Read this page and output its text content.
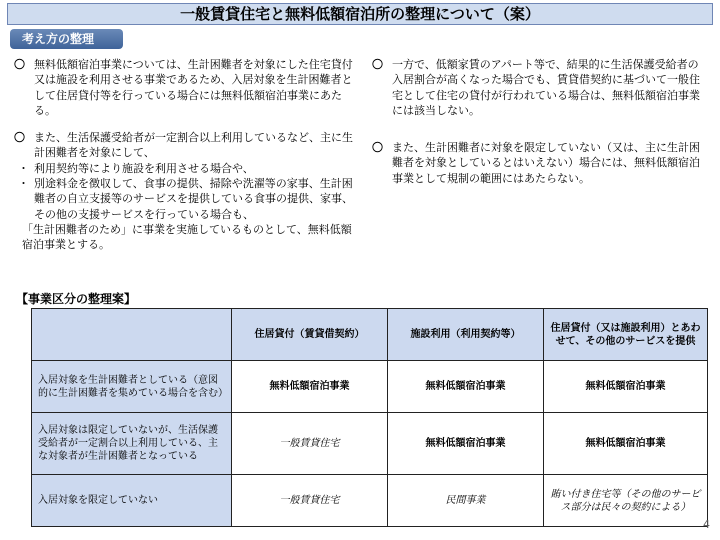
一般賃貸住宅と無料低額宿泊所の整理について（案）
考え方の整理
〇 無料低額宿泊事業については、生計困難者を対象にした住宅貸付又は施設を利用させる事業であるため、入居対象を生計困難者として住居貸付等を行っている場合には無料低額宿泊事業にあたる。
〇 また、生活保護受給者が一定割合以上利用しているなど、主に生計困難者を対象にして、
・ 利用契約等により施設を利用させる場合や、
・ 別途料金を徴収して、食事の提供、掃除や洗濯等の家事、生計困難者の自立支援等のサービスを提供している食事の提供、家事、その他の支援サービスを行っている場合も、
「生計困難者のため」に事業を実施しているものとして、無料低額宿泊事業とする。
〇 一方で、低額家賃のアパート等で、結果的に生活保護受給者の入居割合が高くなった場合でも、賃貸借契約に基づいて一般住宅として住宅の貸付が行われている場合は、無料低額宿泊事業には該当しない。
〇 また、生計困難者に対象を限定していない（又は、主に生計困難者を対象としているとはいえない）場合には、無料低額宿泊事業として規制の範囲にはあたらない。
【事業区分の整理案】
	住居貸付（賃貸借契約）	施設利用（利用契約等）	住居貸付（又は施設利用）とあわせて、その他のサービスを提供
入居対象を生計困難者としている（意図的に生計困難者を集めている場合を含む）	無料低額宿泊事業	無料低額宿泊事業	無料低額宿泊事業
入居対象は限定していないが、生活保護受給者が一定割合以上利用している、主な対象者が生計困難者となっている	一般賃貸住宅	無料低額宿泊事業	無料低額宿泊事業
入居対象を限定していない	一般賃貸住宅	民間事業	賄い付き住宅等（その他のサービス部分は民々の契約による）
4
